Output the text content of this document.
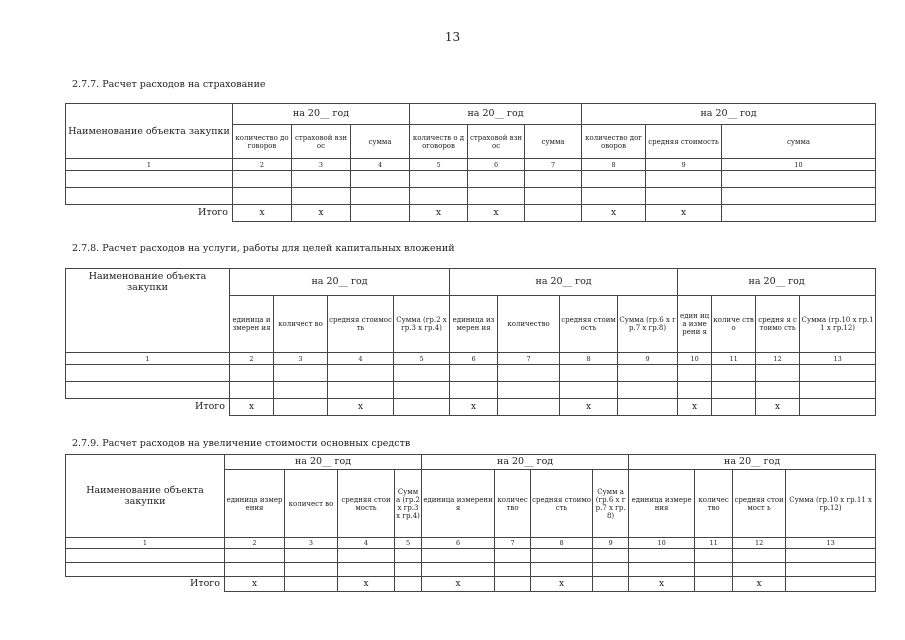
13
2.7.7. Расчет расходов на страхование
Наименование объекта закупки	на 20__ год			на 20__ год			на 20__ год		
	количество договоров	страховой взнос	сумма	количеств о договоров	страховой взнос	сумма	количество договоров	средняя стоимость	сумма
1	2	3	4	5	6	7	8	9	10

Итого	х	х		х	х		х	х	
2.7.8. Расчет расходов на услуги, работы для целей капитальных вложений
Наименование объекта закупки	на 20__ год				на 20__ год				на 20__ год			
	единица измерен ия	количест во	средняя стоимость	Сумма (гр.2 х гр.3 х гр.4)	единица измерен ия	количество	средняя стоимость	Сумма (гр.6 х гр.7 х гр.8)	един ица изме рени я	количе ство	средня я стоимо сть	Сумма (гр.10 х гр.11 х гр.12)
1	2	3	4	5	6	7	8	9	10	11	12	13

Итого	х		х		х		х		х		х	
2.7.9. Расчет расходов на увеличение стоимости основных средств
Наименование объекта закупки	на 20__ год				на 20__ год				на 20__ год			
	единица измерения	количест во	средняя стоимость	Сумм а (гр.2 х гр.3 х гр.4)	единица измерения	количес тво	средняя стоимость	Сумм а (гр.6 х гр.7 х гр.8)	единица измерения	количес тво	средняя стоимост ь	Сумма (гр.10 х гр.11 х гр.12)
1	2	3	4	5	6	7	8	9	10	11	12	13

Итого	х		х		х		х		х		х	
